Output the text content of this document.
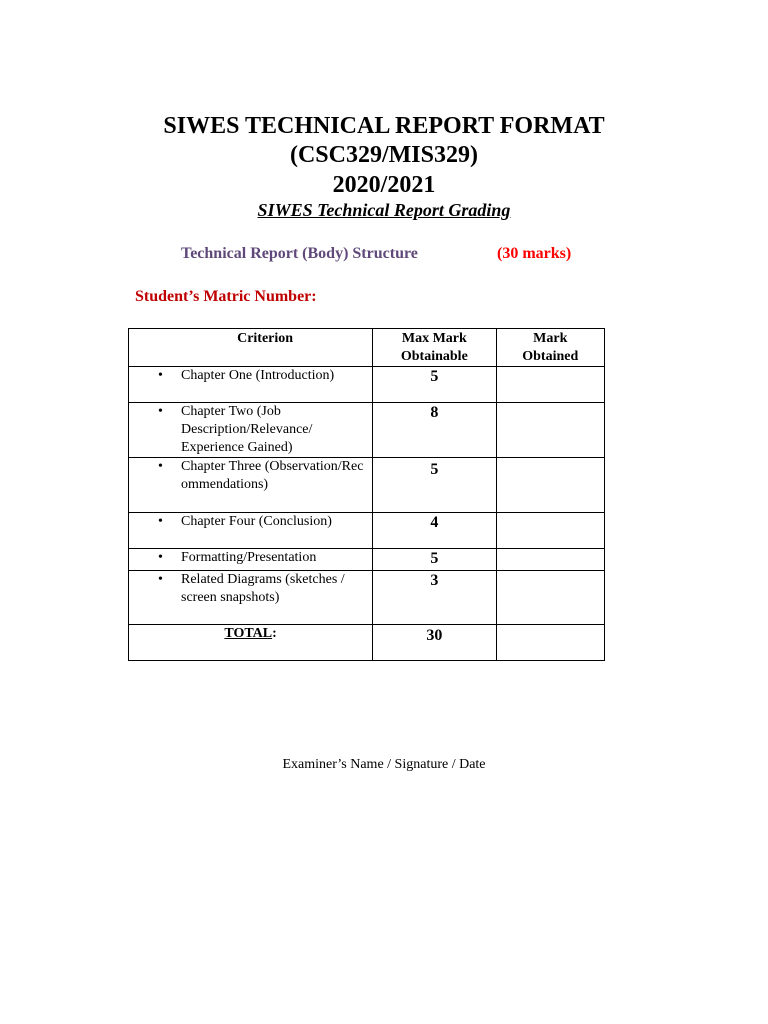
SIWES TECHNICAL REPORT FORMAT
(CSC329/MIS329)
2020/2021
SIWES Technical Report Grading
Technical Report (Body) Structure	(30 marks)
Student’s Matric Number:
Criterion	Max Mark Obtainable	Mark Obtained

• Chapter One (Introduction)	5	

• Chapter Two (Job Description/Relevance/ Experience Gained)	8	

• Chapter Three (Observation/Recommendations)	5	

• Chapter Four (Conclusion)	4	

• Formatting/Presentation	5	

• Related Diagrams (sketches / screen snapshots)	3	
TOTAL:	30	
Examiner’s Name / Signature / Date
